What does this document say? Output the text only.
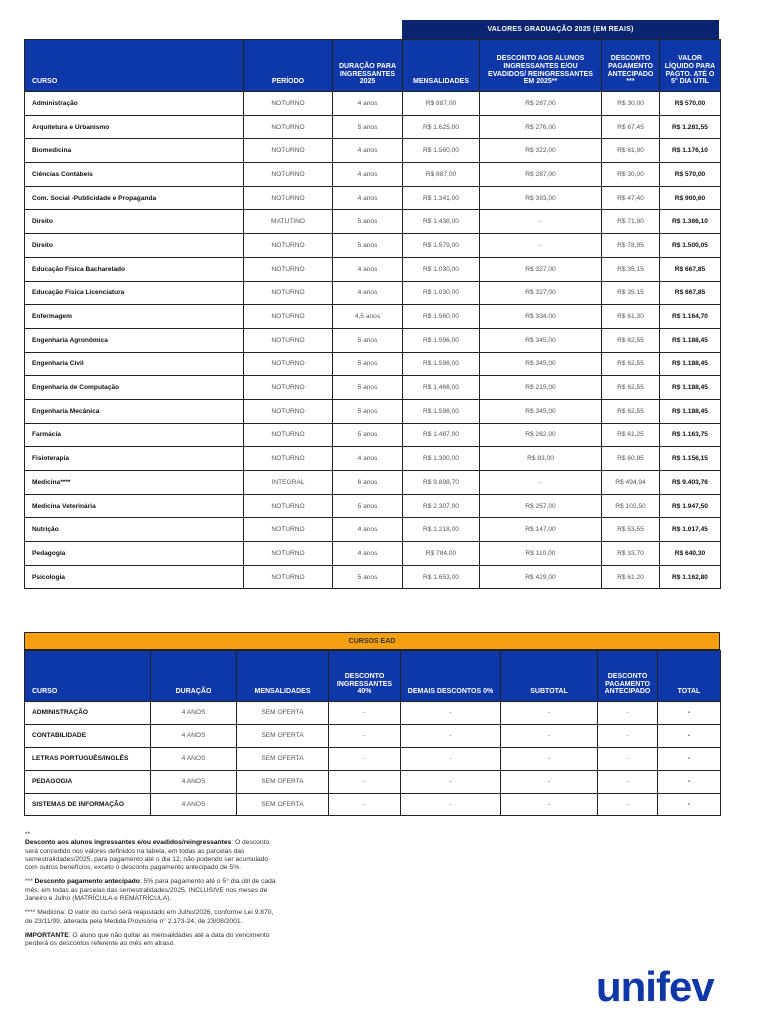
VALORES GRADUAÇÃO 2025 (EM REAIS)
CURSO	PERÍODO	DURAÇÃO PARA INGRESSANTES 2025	MENSALIDADES	DESCONTO AOS ALUNOS INGRESSANTES E/OU EVADIDOS/ REINGRESSANTES EM 2025**	DESCONTO PAGAMENTO ANTECIPADO ***	VALOR LÍQUIDO PARA PAGTO. ATÉ O 5° DIA ÚTIL
Administração	NOTURNO	4 anos	R$ 887,00	R$ 287,00	R$ 30,00	R$ 570,00
Arquitetura e Urbanismo	NOTURNO	5 anos	R$ 1.625,00	R$ 276,00	R$ 67,45	R$ 1.281,55
Biomedicina	NOTURNO	4 anos	R$ 1.560,00	R$ 322,00	R$ 61,90	R$ 1.176,10
Ciências Contábeis	NOTURNO	4 anos	R$ 887,00	R$ 287,00	R$ 30,00	R$ 570,00
Com. Social -Publicidade e Propaganda	NOTURNO	4 anos	R$ 1.341,00	R$ 393,00	R$ 47,40	R$ 900,60
Direito	MATUTINO	5 anos	R$ 1.438,00	-	R$ 71,90	R$ 1.366,10
Direito	NOTURNO	5 anos	R$ 1.579,00	-	R$ 78,95	R$ 1.500,05
Educação Física Bacharelado	NOTURNO	4 anos	R$ 1.030,00	R$ 327,00	R$ 35,15	R$ 667,85
Educação Física Licenciatura	NOTURNO	4 anos	R$ 1.030,00	R$ 327,00	R$ 35,15	R$ 667,85
Enfermagem	NOTURNO	4,5 anos	R$ 1.560,00	R$ 334,00	R$ 61,30	R$ 1.164,70
Engenharia Agronômica	NOTURNO	5 anos	R$ 1.596,00	R$ 345,00	R$ 62,55	R$ 1.188,45
Engenharia Civil	NOTURNO	5 anos	R$ 1.596,00	R$ 345,00	R$ 62,55	R$ 1.188,45
Engenharia de Computação	NOTURNO	5 anos	R$ 1.466,00	R$ 215,00	R$ 62,55	R$ 1.188,45
Engenharia Mecânica	NOTURNO	5 anos	R$ 1.596,00	R$ 345,00	R$ 62,55	R$ 1.188,45
Farmácia	NOTURNO	5 anos	R$ 1.487,00	R$ 262,00	R$ 61,25	R$ 1.163,75
Fisioterapia	NOTURNO	4 anos	R$ 1.300,00	R$ 83,00	R$ 60,85	R$ 1.156,15
Medicina****	INTEGRAL	6 anos	R$ 9.898,70	-	R$ 494,94	R$ 9.403,76
Medicina Veterinária	NOTURNO	5 anos	R$ 2.307,00	R$ 257,00	R$ 102,50	R$ 1.947,50
Nutrição	NOTURNO	4 anos	R$ 1.218,00	R$ 147,00	R$ 53,55	R$ 1.017,45
Pedagogia	NOTURNO	4 anos	R$ 784,00	R$ 110,00	R$ 33,70	R$ 640,30
Psicologia	NOTURNO	5 anos	R$ 1.653,00	R$ 429,00	R$ 61,20	R$ 1.162,80
CURSOS EAD
CURSO	DURAÇÃO	MENSALIDADES	DESCONTO INGRESSANTES 40%	DEMAIS DESCONTOS 0%	SUBTOTAL	DESCONTO PAGAMENTO ANTECIPADO	TOTAL
ADMINISTRAÇÃO	4 ANOS	SEM OFERTA	-	-	-	-	-
CONTABILIDADE	4 ANOS	SEM OFERTA	-	-	-	-	-
LETRAS PORTUGUÊS/INGLÊS	4 ANOS	SEM OFERTA	-	-	-	-	-
PEDAGOGIA	4 ANOS	SEM OFERTA	-	-	-	-	-
SISTEMAS DE INFORMAÇÃO	4 ANOS	SEM OFERTA	-	-	-	-	-

**
Desconto aos alunos ingressantes e/ou evadidos/reingressantes: O desconto será concedido nos valores definidos na tabela, em todas as parcelas das semestralidades/2025, para pagamento até o dia 12, não podendo ser acumulado com outros benefícios, exceto o desconto pagamento antecipado de 5%.

*** Desconto pagamento antecipado: 5% para pagamento até o 5° dia útil de cada mês, em todas as parcelas das semestralidades/2025, INCLUSIVE nos meses de Janeiro e Julho (MATRÍCULA e REMATRÍCULA).

**** Medicina: O valor do curso será reajustado em Julho/2026, conforme Lei 9.870, de 23/11/99, alterada pela Medida Provisória n° 2.173-24, de 23/08/2001.

IMPORTANTE: O aluno que não quitar as mensalidades até a data do vencimento perderá os descontos referente ao mês em atraso.

unifev
